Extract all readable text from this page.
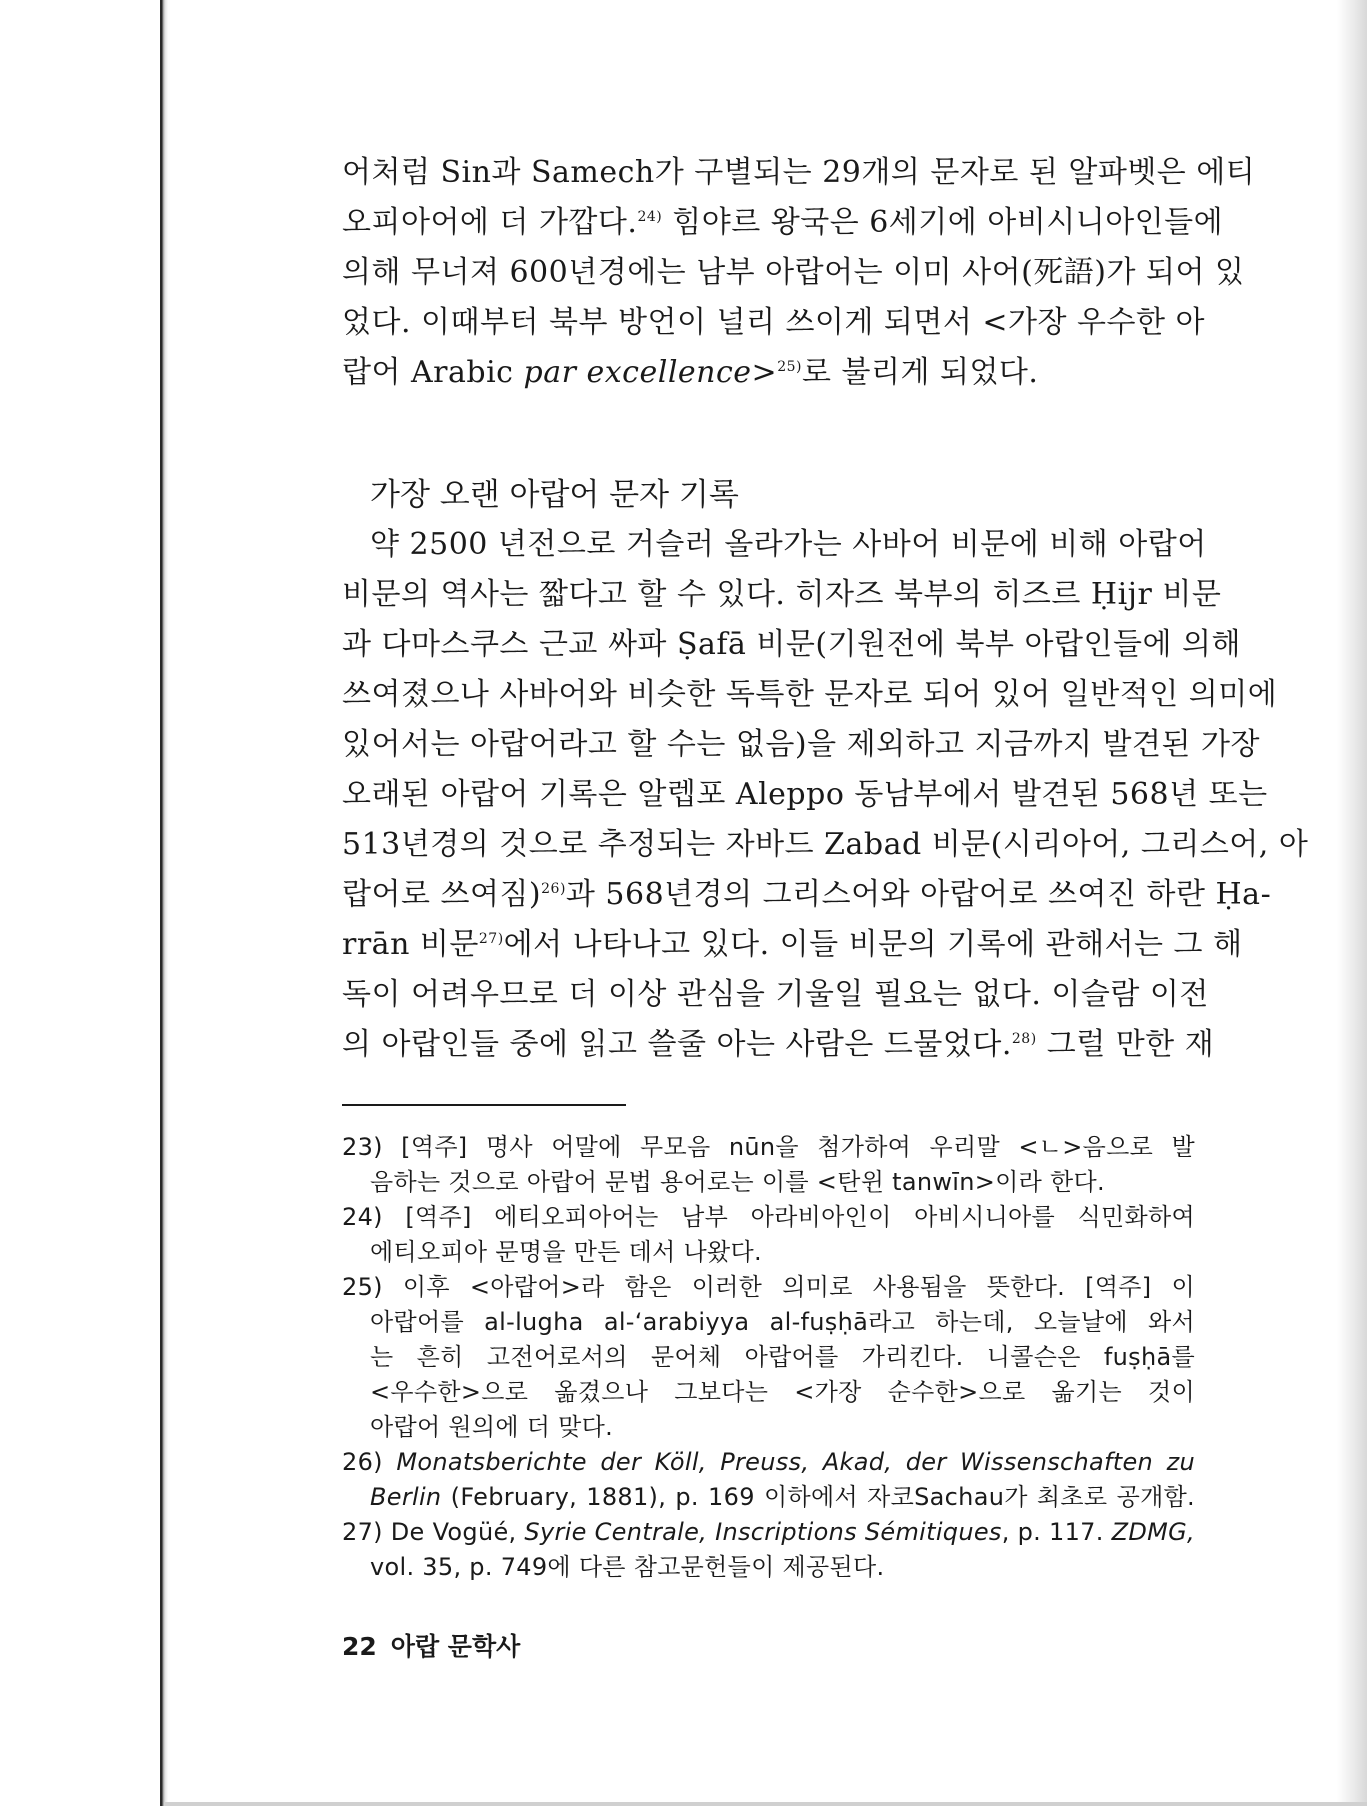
어처럼 Sin과 Samech가 구별되는 29개의 문자로 된 알파벳은 에티

오피아어에 더 가깝다.$^{24)}$ 힘야르 왕국은 6세기에 아비시니아인들에

의해 무너져 600년경에는 남부 아랍어는 이미 사어(死語)가 되어 있

었다. 이때부터 북부 방언이 널리 쓰이게 되면서 <가장 우수한 아

랍어 Arabic par excellence>$^{25)}$로 불리게 되었다.

가장 오랜 아랍어 문자 기록

약 2500 년전으로 거슬러 올라가는 사바어 비문에 비해 아랍어

비문의 역사는 짧다고 할 수 있다. 히자즈 북부의 히즈르 Ḥijr 비문

과 다마스쿠스 근교 싸파 Ṣafā 비문(기원전에 북부 아랍인들에 의해

쓰여졌으나 사바어와 비슷한 독특한 문자로 되어 있어 일반적인 의미에

있어서는 아랍어라고 할 수는 없음)을 제외하고 지금까지 발견된 가장

오래된 아랍어 기록은 알렙포 Aleppo 동남부에서 발견된 568년 또는

513년경의 것으로 추정되는 자바드 Zabad 비문(시리아어, 그리스어, 아

랍어로 쓰여짐)$^{26)}$과 568년경의 그리스어와 아랍어로 쓰여진 하란 Ḥa-

rrān 비문$^{27)}$에서 나타나고 있다. 이들 비문의 기록에 관해서는 그 해

독이 어려우므로 더 이상 관심을 기울일 필요는 없다. 이슬람 이전

의 아랍인들 중에 읽고 쓸줄 아는 사람은 드물었다.$^{28)}$ 그럴 만한 재

23) [역주] 명사 어말에 무모음 nūn을 첨가하여 우리말 <ㄴ>음으로 발

음하는 것으로 아랍어 문법 용어로는 이를 <탄윈 tanwīn>이라 한다.

24) [역주] 에티오피아어는 남부 아라비아인이 아비시니아를 식민화하여

에티오피아 문명을 만든 데서 나왔다.

25) 이후 <아랍어>라 함은 이러한 의미로 사용됨을 뜻한다. [역주] 이

아랍어를 al-lugha al-‘arabiyya al-fuṣḥā라고 하는데, 오늘날에 와서

는 흔히 고전어로서의 문어체 아랍어를 가리킨다. 니콜슨은 fuṣḥā를

<우수한>으로 옮겼으나 그보다는 <가장 순수한>으로 옮기는 것이

아랍어 원의에 더 맞다.

26) Monatsberichte der Köll, Preuss, Akad, der Wissenschaften zu

Berlin (February, 1881), p. 169 이하에서 자코Sachau가 최초로 공개함.

27) De Vogüé, Syrie Centrale, Inscriptions Sémitiques, p. 117. ZDMG,

vol. 35, p. 749에 다른 참고문헌들이 제공된다.

22 아랍 문학사
